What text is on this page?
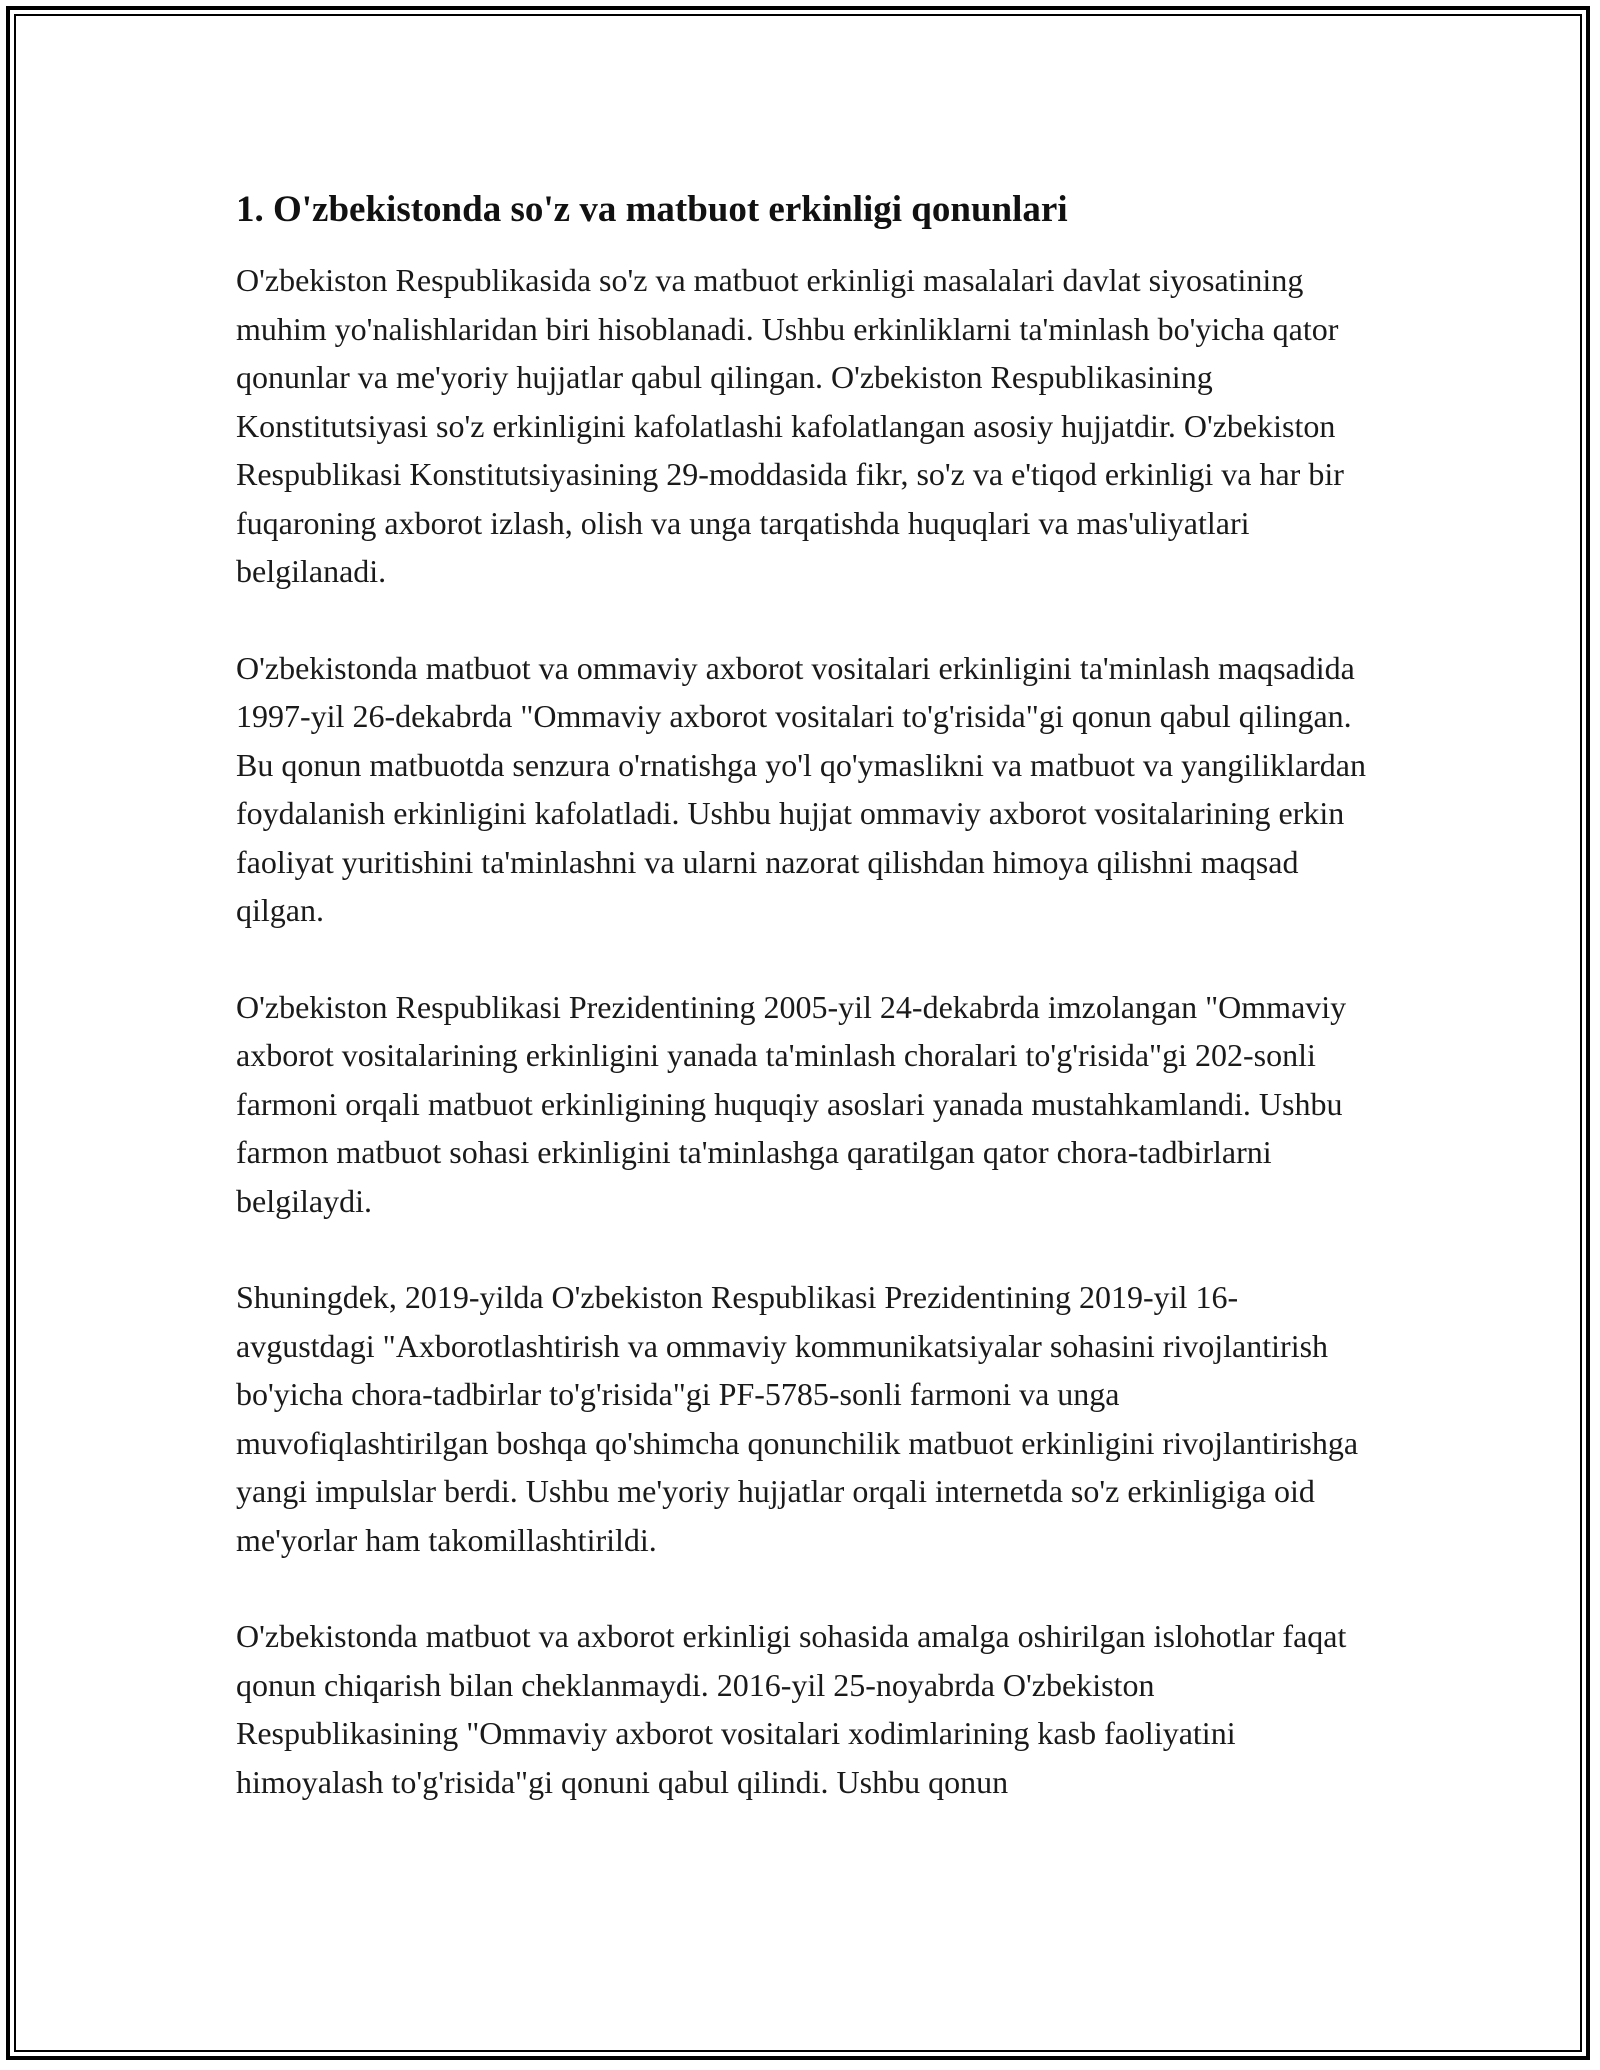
1. O'zbekistonda so'z va matbuot erkinligi qonunlari

O'zbekiston Respublikasida so'z va matbuot erkinligi masalalari davlat siyosatining muhim yo'nalishlaridan biri hisoblanadi. Ushbu erkinliklarni ta'minlash bo'yicha qator qonunlar va me'yoriy hujjatlar qabul qilingan. O'zbekiston Respublikasining Konstitutsiyasi so'z erkinligini kafolatlashi kafolatlangan asosiy hujjatdir. O'zbekiston Respublikasi Konstitutsiyasining 29-moddasida fikr, so'z va e'tiqod erkinligi va har bir fuqaroning axborot izlash, olish va unga tarqatishda huquqlari va mas'uliyatlari belgilanadi.

O'zbekistonda matbuot va ommaviy axborot vositalari erkinligini ta'minlash maqsadida 1997-yil 26-dekabrda "Ommaviy axborot vositalari to'g'risida"gi qonun qabul qilingan. Bu qonun matbuotda senzura o'rnatishga yo'l qo'ymaslikni va matbuot va yangiliklardan foydalanish erkinligini kafolatladi. Ushbu hujjat ommaviy axborot vositalarining erkin faoliyat yuritishini ta'minlashni va ularni nazorat qilishdan himoya qilishni maqsad qilgan.

O'zbekiston Respublikasi Prezidentining 2005-yil 24-dekabrda imzolangan "Ommaviy axborot vositalarining erkinligini yanada ta'minlash choralari to'g'risida"gi 202-sonli farmoni orqali matbuot erkinligining huquqiy asoslari yanada mustahkamlandi. Ushbu farmon matbuot sohasi erkinligini ta'minlashga qaratilgan qator chora-tadbirlarni belgilaydi.

Shuningdek, 2019-yilda O'zbekiston Respublikasi Prezidentining 2019-yil 16-avgustdagi "Axborotlashtirish va ommaviy kommunikatsiyalar sohasini rivojlantirish bo'yicha chora-tadbirlar to'g'risida"gi PF-5785-sonli farmoni va unga muvofiqlashtirilgan boshqa qo'shimcha qonunchilik matbuot erkinligini rivojlantirishga yangi impulslar berdi. Ushbu me'yoriy hujjatlar orqali internetda so'z erkinligiga oid me'yorlar ham takomillashtirildi.

O'zbekistonda matbuot va axborot erkinligi sohasida amalga oshirilgan islohotlar faqat qonun chiqarish bilan cheklanmaydi. 2016-yil 25-noyabrda O'zbekiston Respublikasining "Ommaviy axborot vositalari xodimlarining kasb faoliyatini himoyalash to'g'risida"gi qonuni qabul qilindi. Ushbu qonun
